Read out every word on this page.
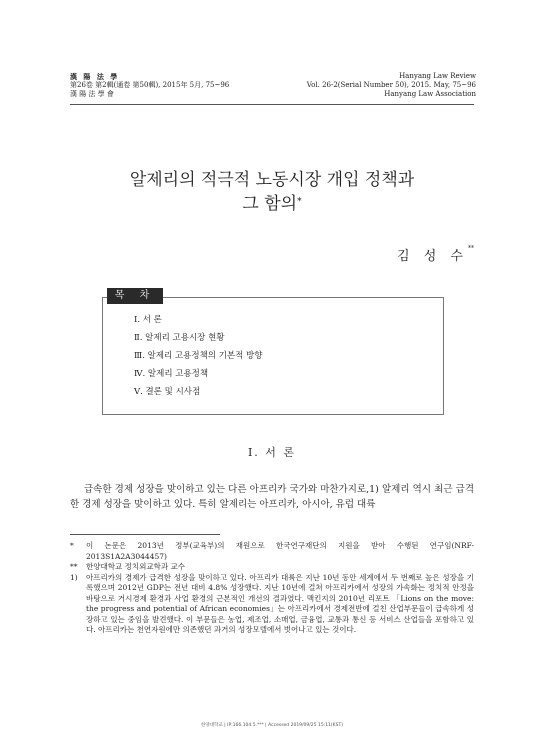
漢 陽 法 學
第26卷 第2輯(通卷 第50輯), 2015年 5月, 75~96
漢 陽 法 學 會
Hanyang Law Review
Vol. 26-2(Serial Number 50), 2015. May, 75~96
Hanyang Law Association
알제리의 적극적 노동시장 개입 정책과
그 함의*
김 성 수**
목 차
Ⅰ. 서 론
Ⅱ. 알제리 고용시장 현황
Ⅲ. 알제리 고용정책의 기본적 방향
Ⅳ. 알제리 고용정책
Ⅴ. 결론 및 시사점
Ⅰ. 서 론

급속한 경제 성장을 맞이하고 있는 다른 아프리카 국가와 마찬가지로,1) 알제리 역시 최근 급격한 경제 성장을 맞이하고 있다. 특히 알제리는 아프리카, 아시아, 유럽 대륙

*	이 논문은 2013년 정부(교육부)의 재원으로 한국연구재단의 지원을 받아 수행된 연구임(NRF-2013S1A2A3044457)
**	한양대학교 정치외교학과 교수
1)	아프리카의 경제가 급격한 성장을 맞이하고 있다. 아프리카 대륙은 지난 10년 동안 세계에서 두 번째로 높은 성장을 기록했으며 2012년 GDP는 전년 대비 4.8% 성장했다. 지난 10년에 걸쳐 아프리카에서 성장의 가속화는 정치적 안정을 바탕으로 거시경제 환경과 사업 환경의 근본적인 개선의 결과였다. 맥킨지의 2010년 리포트 「Lions on the move: the progress and potential of African economies」는 아프리카에서 경제전반에 걸친 산업부문들이 급속하게 성장하고 있는 중임을 발견했다. 이 부문들은 농업, 제조업, 소매업, 금융업, 교통과 통신 등 서비스 산업들을 포함하고 있다. 아프리카는 천연자원에만 의존했던 과거의 성장모델에서 벗어나고 있는 것이다.
한양대학교 | IP:166.104.5.*** | Accessed 2019/09/25 15:11(KST)
